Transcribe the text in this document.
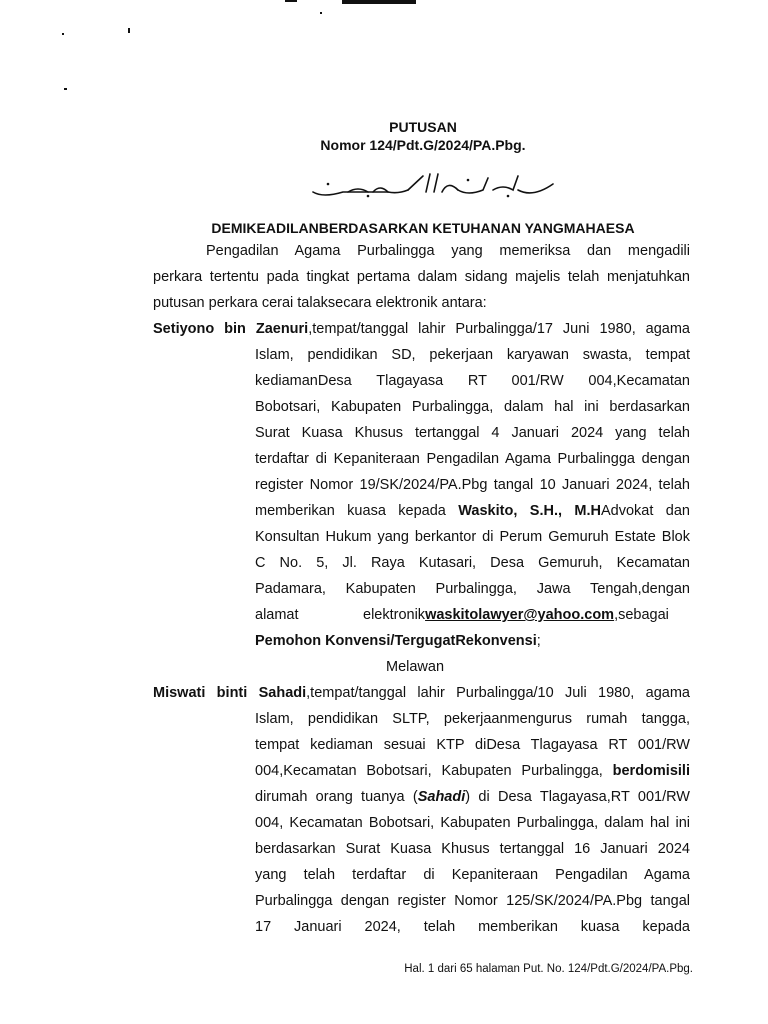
PUTUSAN
Nomor 124/Pdt.G/2024/PA.Pbg.
DEMIKEADILANBERDASARKAN KETUHANAN YANGMAHAESA
Pengadilan Agama Purbalingga yang memeriksa dan mengadili
perkara tertentu pada tingkat pertama dalam sidang majelis telah menjatuhkan
putusan perkara cerai talaksecara elektronik antara:
Setiyono bin Zaenuri,tempat/tanggal lahir Purbalingga/17 Juni 1980, agama
Islam, pendidikan SD, pekerjaan karyawan swasta, tempat
kediamanDesa Tlagayasa RT 001/RW 004,Kecamatan
Bobotsari, Kabupaten Purbalingga, dalam hal ini berdasarkan
Surat Kuasa Khusus tertanggal 4 Januari 2024 yang telah
terdaftar di Kepaniteraan Pengadilan Agama Purbalingga dengan
register Nomor 19/SK/2024/PA.Pbg tangal 10 Januari 2024, telah
memberikan kuasa kepada Waskito, S.H., M.HAdvokat dan
Konsultan Hukum yang berkantor di Perum Gemuruh Estate Blok
C No. 5, Jl. Raya Kutasari, Desa Gemuruh, Kecamatan
Padamara, Kabupaten Purbalingga, Jawa Tengah,dengan
alamat	elektronikwaskitolawyer@yahoo.com,sebagai
Pemohon Konvensi/TergugatRekonvensi;
Melawan
Miswati binti Sahadi,tempat/tanggal lahir Purbalingga/10 Juli 1980, agama
Islam, pendidikan SLTP, pekerjaanmengurus rumah tangga,
tempat kediaman sesuai KTP diDesa Tlagayasa RT 001/RW
004,Kecamatan Bobotsari, Kabupaten Purbalingga, berdomisili
dirumah orang tuanya (Sahadi) di Desa Tlagayasa,RT 001/RW
004, Kecamatan Bobotsari, Kabupaten Purbalingga, dalam hal ini
berdasarkan Surat Kuasa Khusus tertanggal 16 Januari 2024
yang telah terdaftar di Kepaniteraan Pengadilan Agama
Purbalingga dengan register Nomor 125/SK/2024/PA.Pbg tangal
17 Januari 2024, telah memberikan kuasa kepada
Hal. 1 dari 65 halaman Put. No. 124/Pdt.G/2024/PA.Pbg.
